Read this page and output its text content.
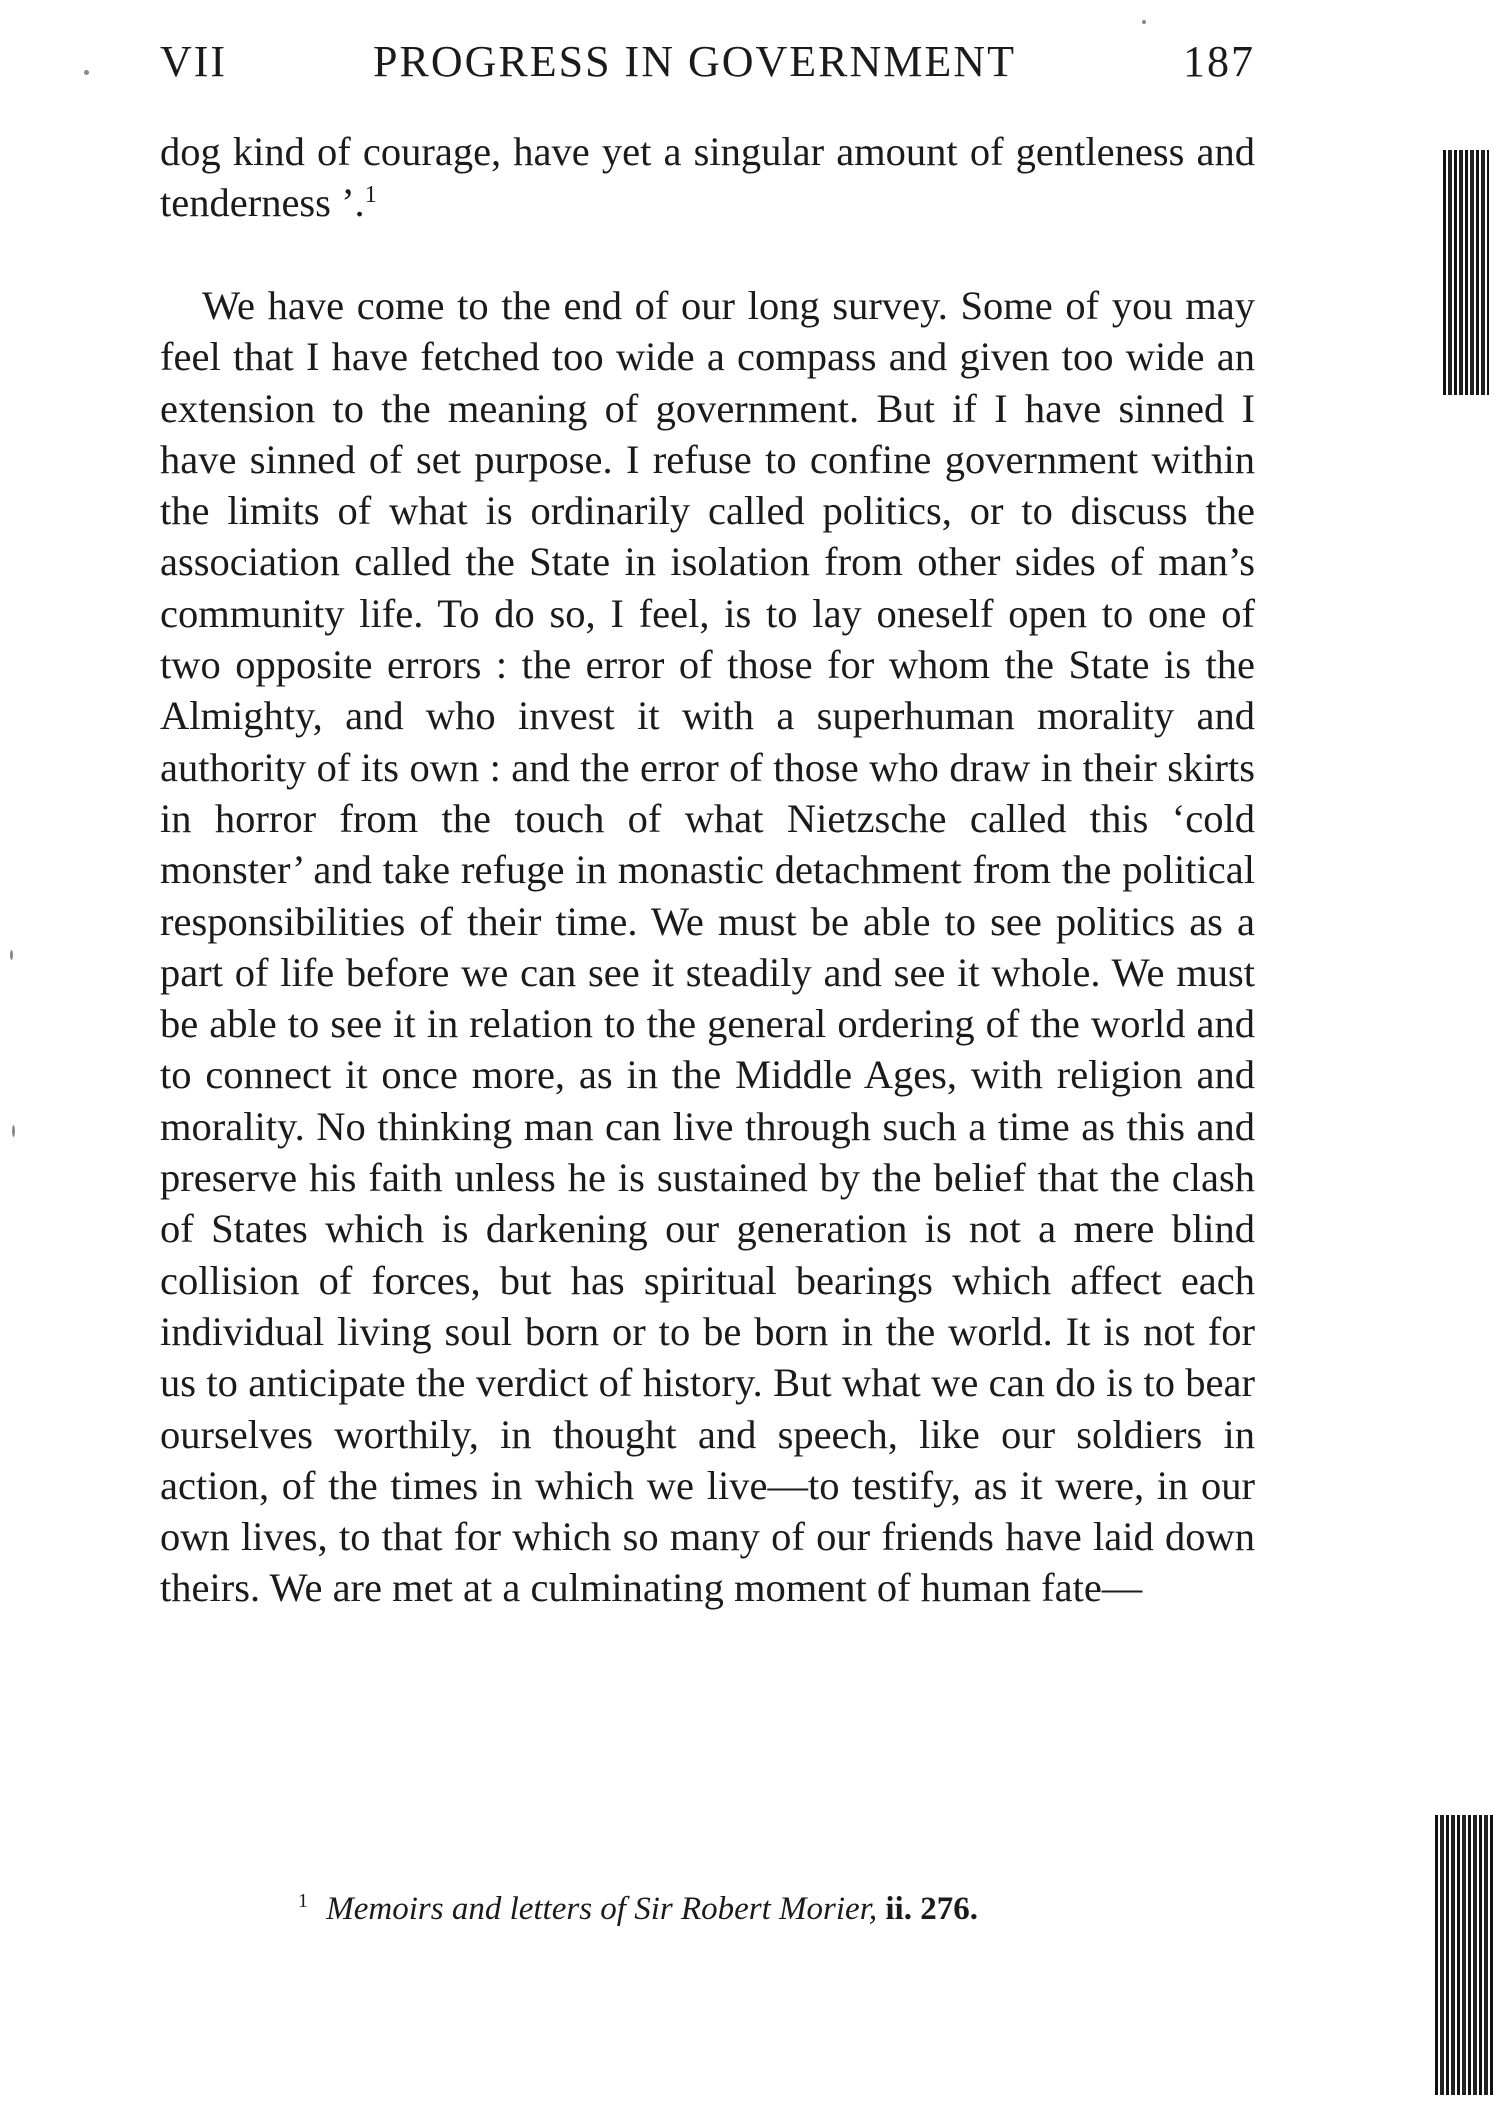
VII	PROGRESS IN GOVERNMENT	187
dog kind of courage, have yet a singular amount of gentleness and tenderness ’.$^1$
We have come to the end of our long survey. Some of you may feel that I have fetched too wide a compass and given too wide an extension to the meaning of government. But if I have sinned I have sinned of set purpose. I refuse to confine government within the limits of what is ordinarily called politics, or to discuss the association called the State in isolation from other sides of man’s community life. To do so, I feel, is to lay oneself open to one of two opposite errors : the error of those for whom the State is the Almighty, and who invest it with a superhuman morality and authority of its own : and the error of those who draw in their skirts in horror from the touch of what Nietzsche called this ‘cold monster’ and take refuge in monastic detachment from the political responsibilities of their time. We must be able to see politics as a part of life before we can see it steadily and see it whole. We must be able to see it in relation to the general ordering of the world and to connect it once more, as in the Middle Ages, with religion and morality. No thinking man can live through such a time as this and preserve his faith unless he is sustained by the belief that the clash of States which is darkening our generation is not a mere blind collision of forces, but has spiritual bearings which affect each individual living soul born or to be born in the world. It is not for us to anticipate the verdict of history. But what we can do is to bear ourselves worthily, in thought and speech, like our soldiers in action, of the times in which we live—to testify, as it were, in our own lives, to that for which so many of our friends have laid down theirs. We are met at a culminating moment of human fate—
$^1$ Memoirs and letters of Sir Robert Morier, ii. 276.
